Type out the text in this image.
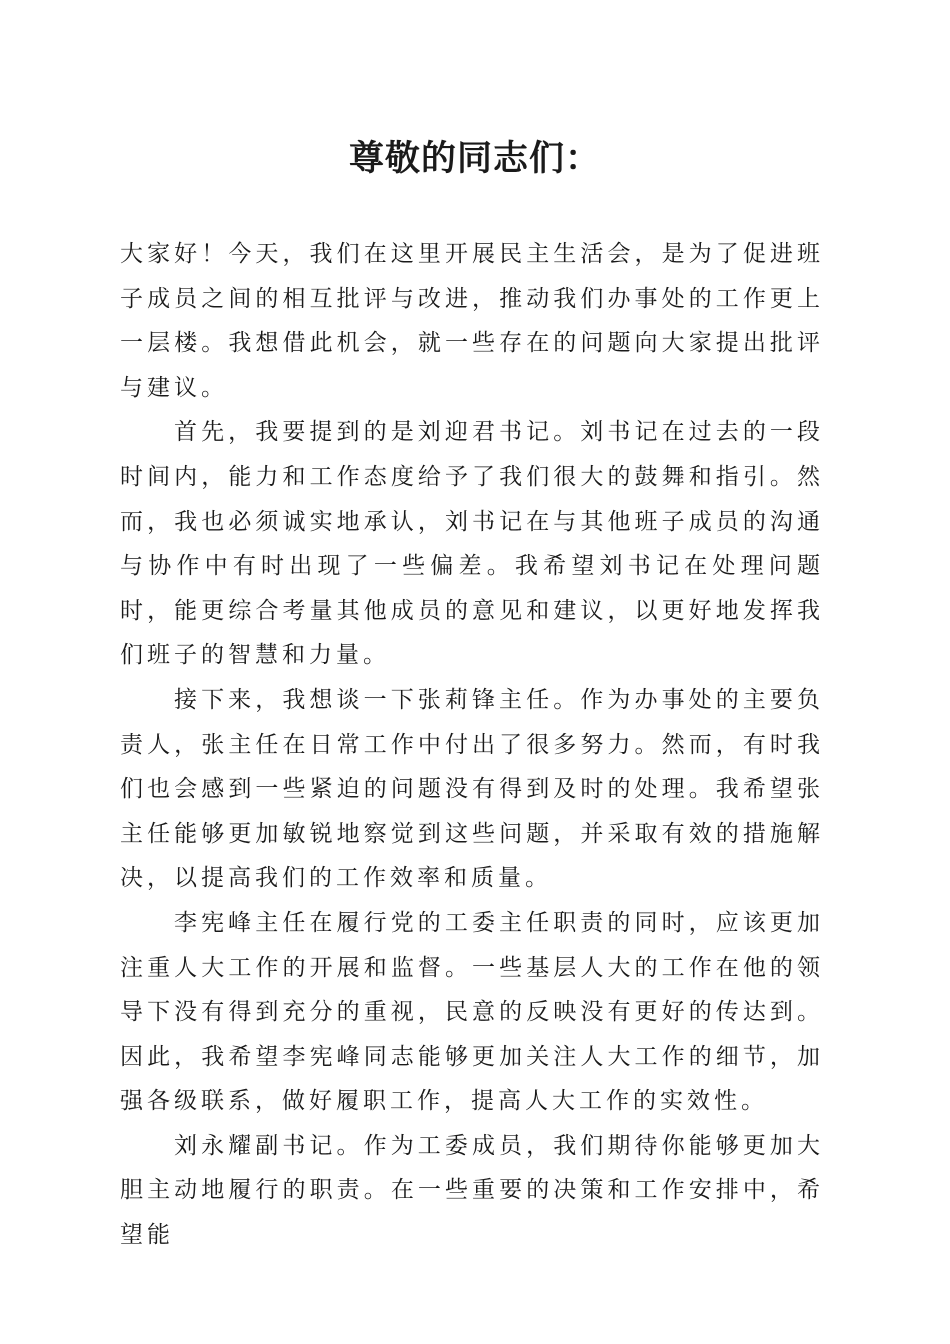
尊敬的同志们：

大家好！今天，我们在这里开展民主生活会，是为了促进班子成员之间的相互批评与改进，推动我们办事处的工作更上一层楼。我想借此机会，就一些存在的问题向大家提出批评与建议。

首先，我要提到的是刘迎君书记。刘书记在过去的一段时间内，能力和工作态度给予了我们很大的鼓舞和指引。然而，我也必须诚实地承认，刘书记在与其他班子成员的沟通与协作中有时出现了一些偏差。我希望刘书记在处理问题时，能更综合考量其他成员的意见和建议，以更好地发挥我们班子的智慧和力量。

接下来，我想谈一下张莉锋主任。作为办事处的主要负责人，张主任在日常工作中付出了很多努力。然而，有时我们也会感到一些紧迫的问题没有得到及时的处理。我希望张主任能够更加敏锐地察觉到这些问题，并采取有效的措施解决，以提高我们的工作效率和质量。

李宪峰主任在履行党的工委主任职责的同时，应该更加注重人大工作的开展和监督。一些基层人大的工作在他的领导下没有得到充分的重视，民意的反映没有更好的传达到。因此，我希望李宪峰同志能够更加关注人大工作的细节，加强各级联系，做好履职工作，提高人大工作的实效性。

刘永耀副书记。作为工委成员，我们期待你能够更加大胆主动地履行的职责。在一些重要的决策和工作安排中，希望能
